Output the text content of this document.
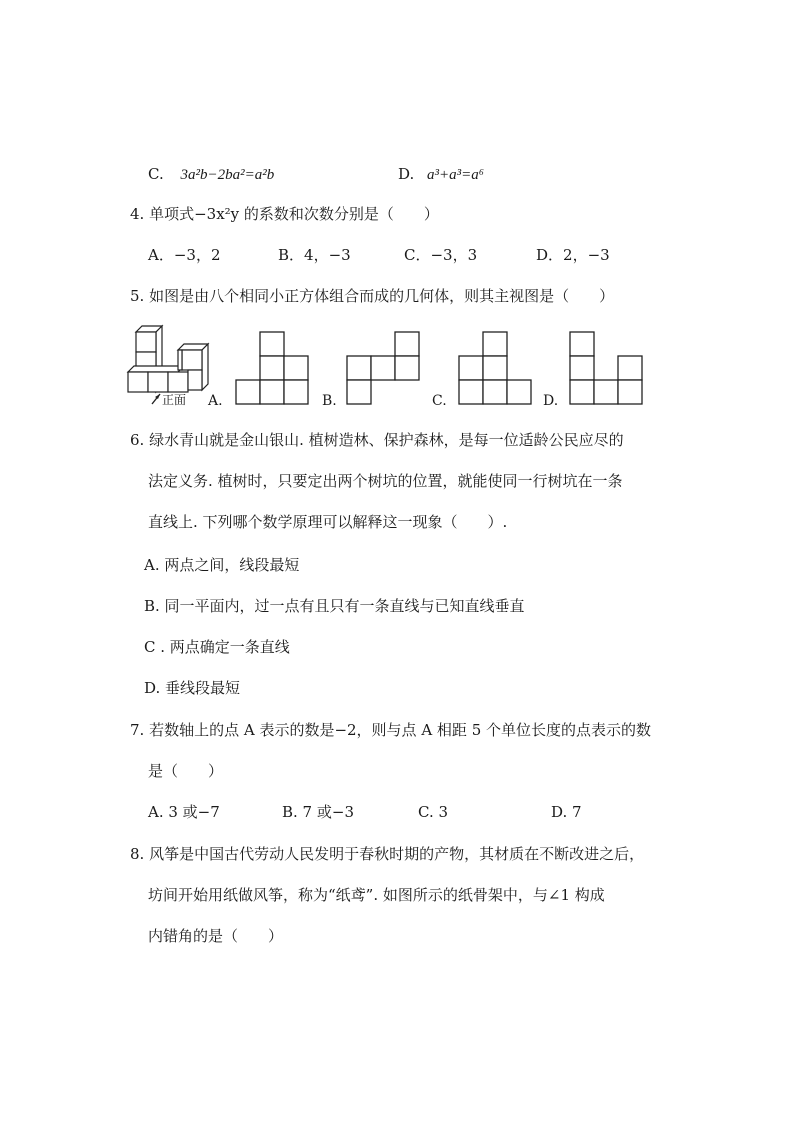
C. 3a²b−2ba²=a²b	D. a³+a³=a⁶
4. 单项式−3x²y 的系数和次数分别是（　　）
A．−3，2	B．4，−3	C．−3，3	D．2，−3
5. 如图是由八个相同小正方体组合而成的几何体，则其主视图是（　　）
正面 A.	B.	C.	D.
6. 绿水青山就是金山银山. 植树造林、保护森林，是每一位适龄公民应尽的
法定义务. 植树时，只要定出两个树坑的位置，就能使同一行树坑在一条
直线上. 下列哪个数学原理可以解释这一现象（　　）.
A. 两点之间，线段最短
B. 同一平面内，过一点有且只有一条直线与已知直线垂直
C . 两点确定一条直线
D. 垂线段最短
7. 若数轴上的点 A 表示的数是−2，则与点 A 相距 5 个单位长度的点表示的数
是（　　）
A. 3 或−7	B. 7 或−3	C. 3	D. 7
8. 风筝是中国古代劳动人民发明于春秋时期的产物，其材质在不断改进之后，
坊间开始用纸做风筝，称为“纸鸢”. 如图所示的纸骨架中，与∠1 构成
内错角的是（　　）
